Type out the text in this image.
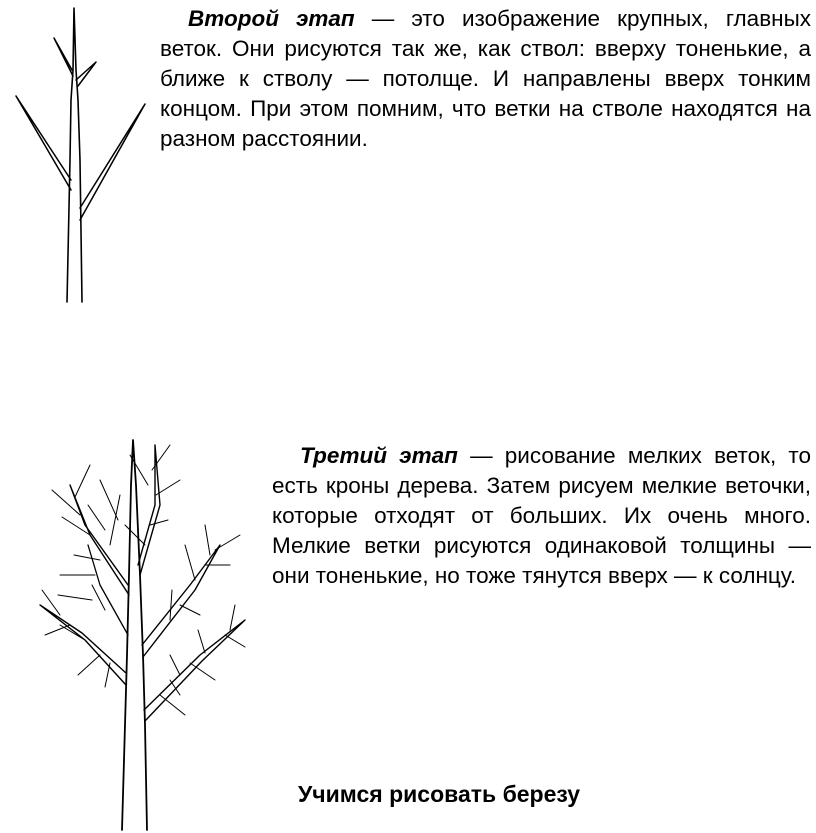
Второй этап — это изображение крупных, главных веток. Они рисуются так же, как ствол: вверху тоненькие, а ближе к стволу — потолще. И направлены вверх тонким концом. При этом помним, что ветки на стволе находятся на разном расстоянии.

Третий этап — рисование мелких веток, то есть кроны дерева. Затем рисуем мелкие веточки, которые отходят от больших. Их очень много. Мелкие ветки рисуются одинаковой толщины — они тоненькие, но тоже тянутся вверх — к солнцу.

Учимся рисовать березу
